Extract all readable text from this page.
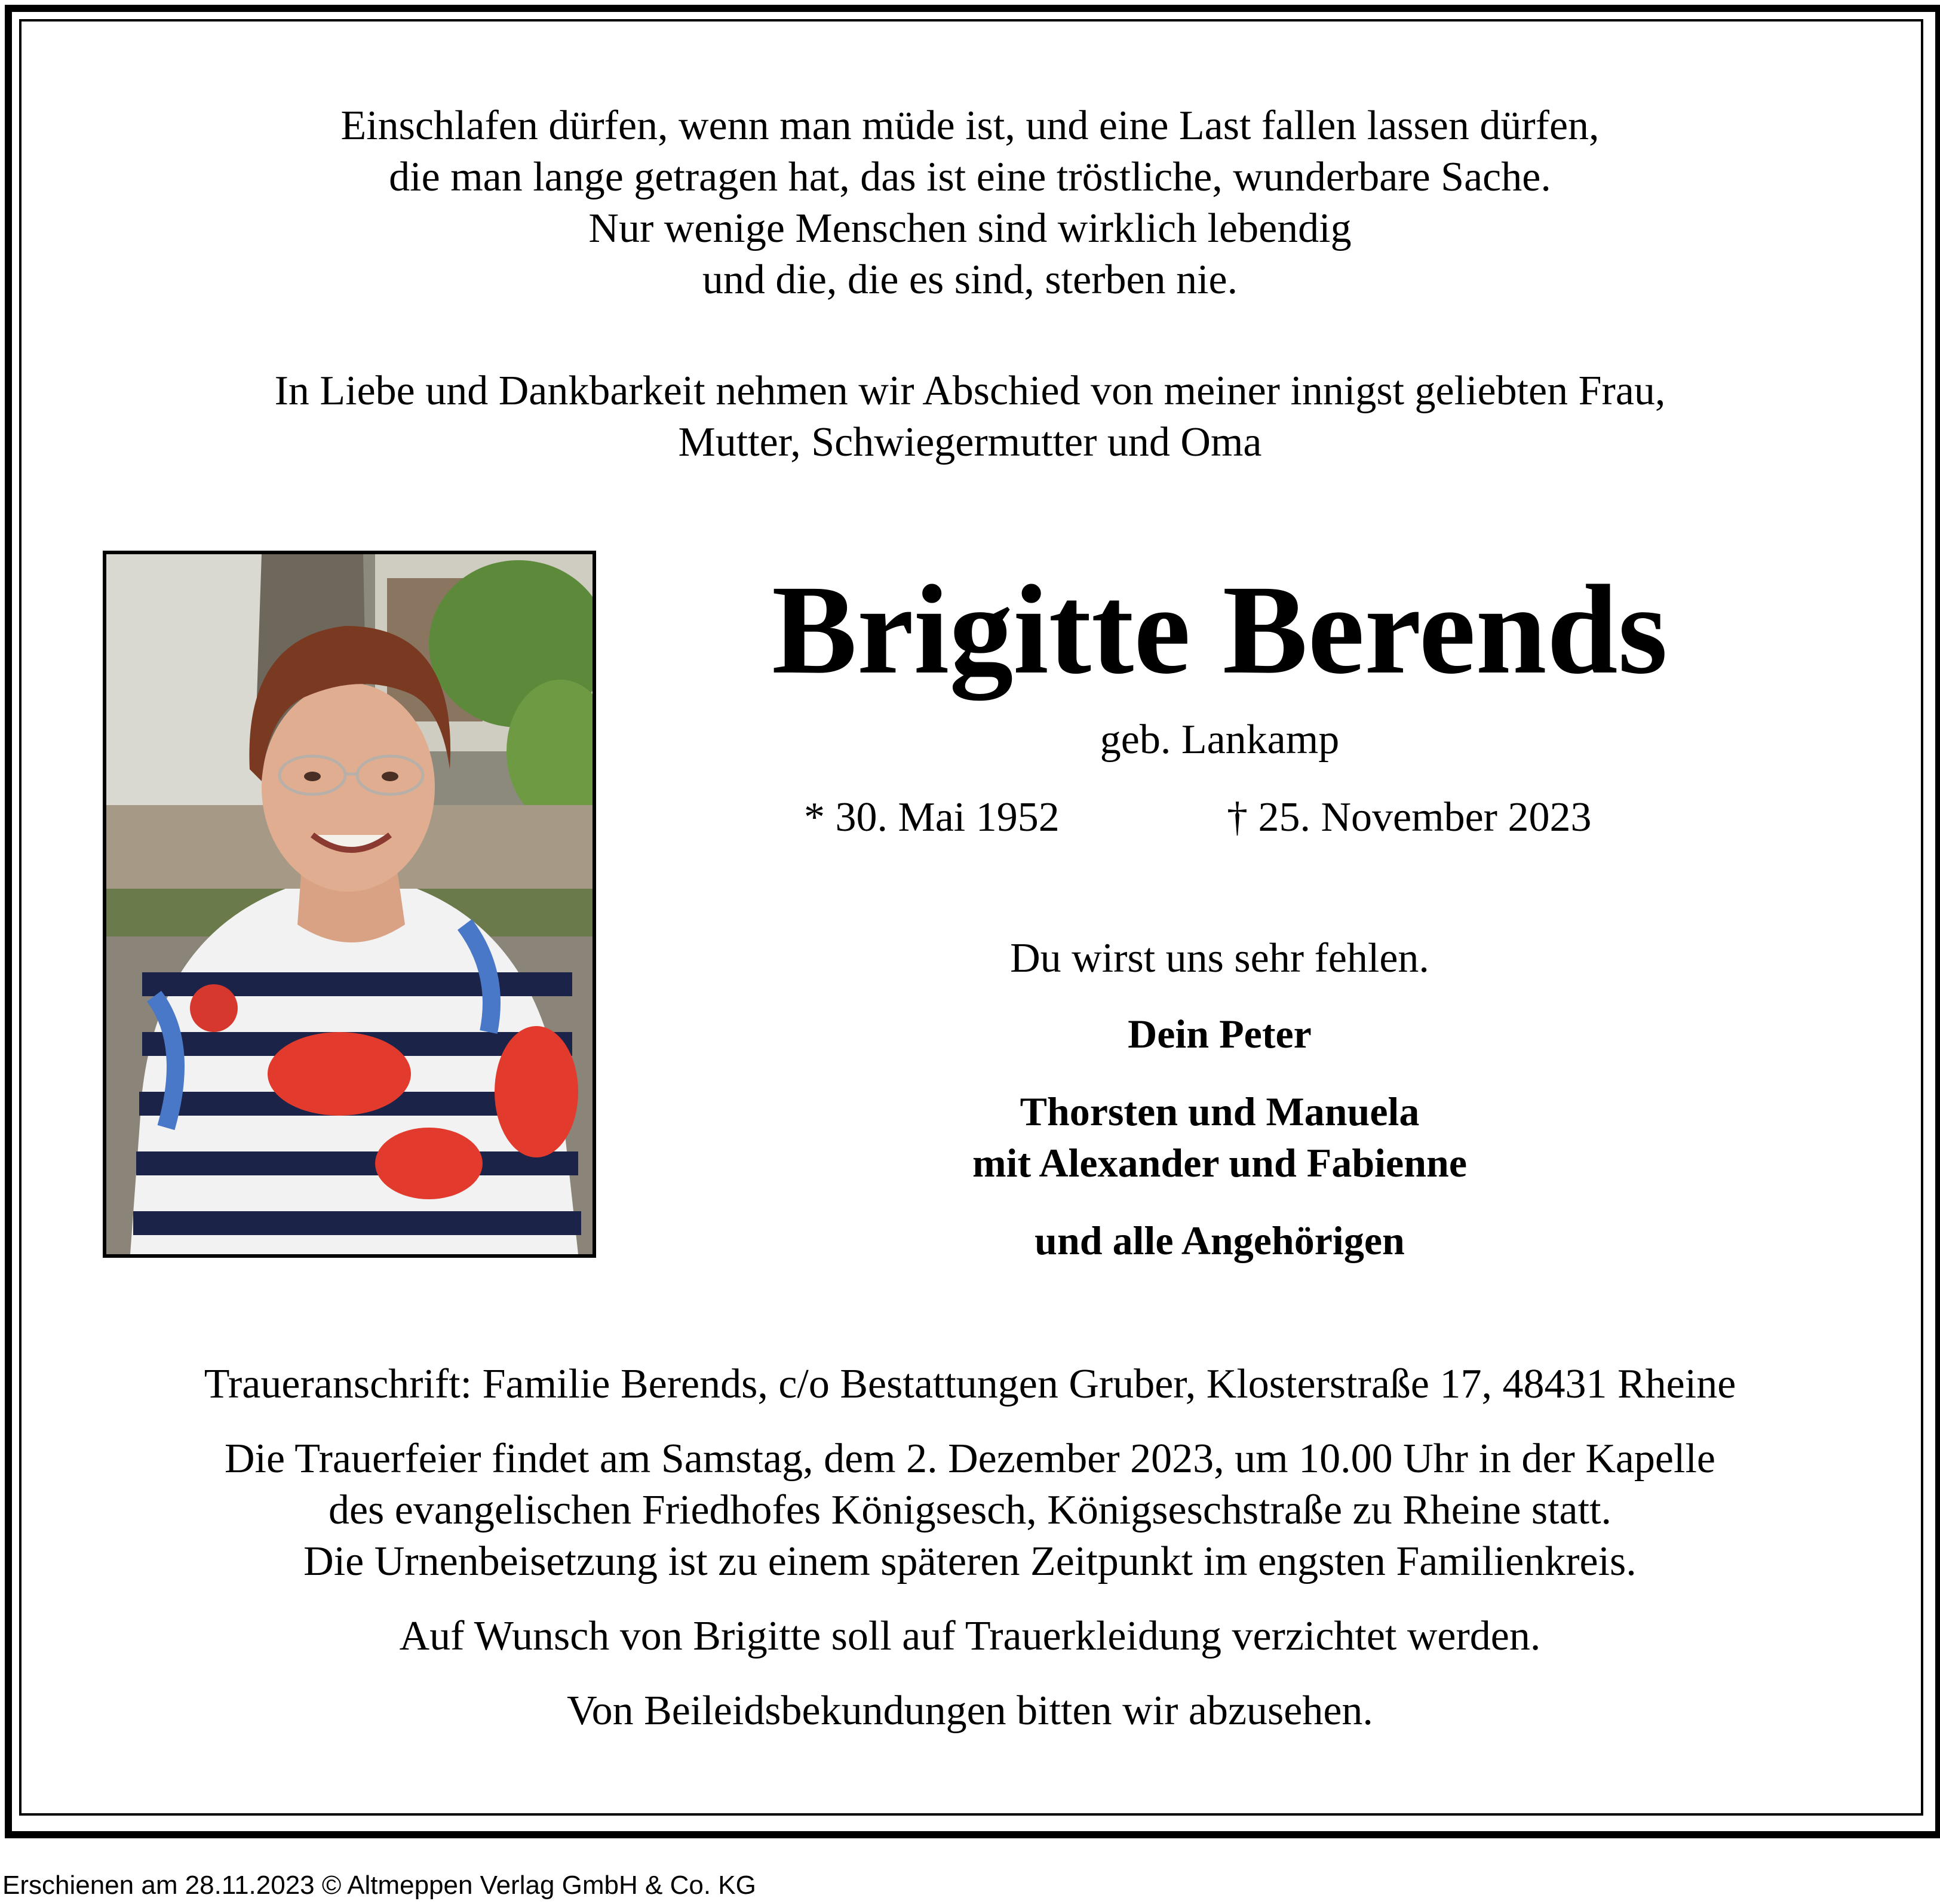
Einschlafen dürfen, wenn man müde ist, und eine Last fallen lassen dürfen,
die man lange getragen hat, das ist eine tröstliche, wunderbare Sache.
Nur wenige Menschen sind wirklich lebendig
und die, die es sind, sterben nie.
In Liebe und Dankbarkeit nehmen wir Abschied von meiner innigst geliebten Frau,
Mutter, Schwiegermutter und Oma
Brigitte Berends
geb. Lankamp
* 30. Mai 1952	† 25. November 2023
Du wirst uns sehr fehlen.
Dein Peter
Thorsten und Manuela
mit Alexander und Fabienne
und alle Angehörigen
Traueranschrift: Familie Berends, c/o Bestattungen Gruber, Klosterstraße 17, 48431 Rheine
Die Trauerfeier findet am Samstag, dem 2. Dezember 2023, um 10.00 Uhr in der Kapelle
des evangelischen Friedhofes Königsesch, Königseschstraße zu Rheine statt.
Die Urnenbeisetzung ist zu einem späteren Zeitpunkt im engsten Familienkreis.
Auf Wunsch von Brigitte soll auf Trauerkleidung verzichtet werden.
Von Beileidsbekundungen bitten wir abzusehen.
Erschienen am 28.11.2023 © Altmeppen Verlag GmbH & Co. KG
